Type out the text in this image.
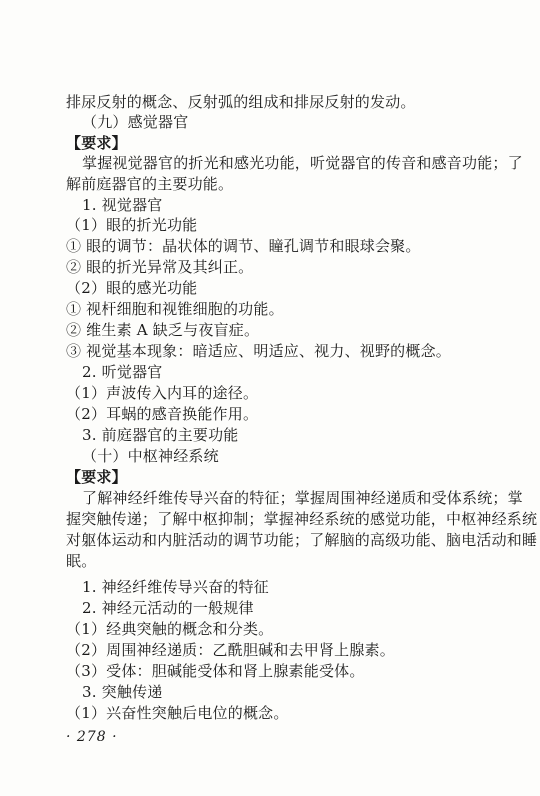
排尿反射的概念、反射弧的组成和排尿反射的发动。
（九）感觉器官
【要求】
掌握视觉器官的折光和感光功能，听觉器官的传音和感音功能；了
解前庭器官的主要功能。
1. 视觉器官
（1）眼的折光功能
① 眼的调节：晶状体的调节、瞳孔调节和眼球会聚。
② 眼的折光异常及其纠正。
（2）眼的感光功能
① 视杆细胞和视锥细胞的功能。
② 维生素 A 缺乏与夜盲症。
③ 视觉基本现象：暗适应、明适应、视力、视野的概念。
2. 听觉器官
（1）声波传入内耳的途径。
（2）耳蜗的感音换能作用。
3. 前庭器官的主要功能
（十）中枢神经系统
【要求】
了解神经纤维传导兴奋的特征；掌握周围神经递质和受体系统；掌
握突触传递；了解中枢抑制；掌握神经系统的感觉功能，中枢神经系统
对躯体运动和内脏活动的调节功能；了解脑的高级功能、脑电活动和睡
眠。
1. 神经纤维传导兴奋的特征
2. 神经元活动的一般规律
（1）经典突触的概念和分类。
（2）周围神经递质：乙酰胆碱和去甲肾上腺素。
（3）受体：胆碱能受体和肾上腺素能受体。
3. 突触传递
（1）兴奋性突触后电位的概念。
· 278 ·
